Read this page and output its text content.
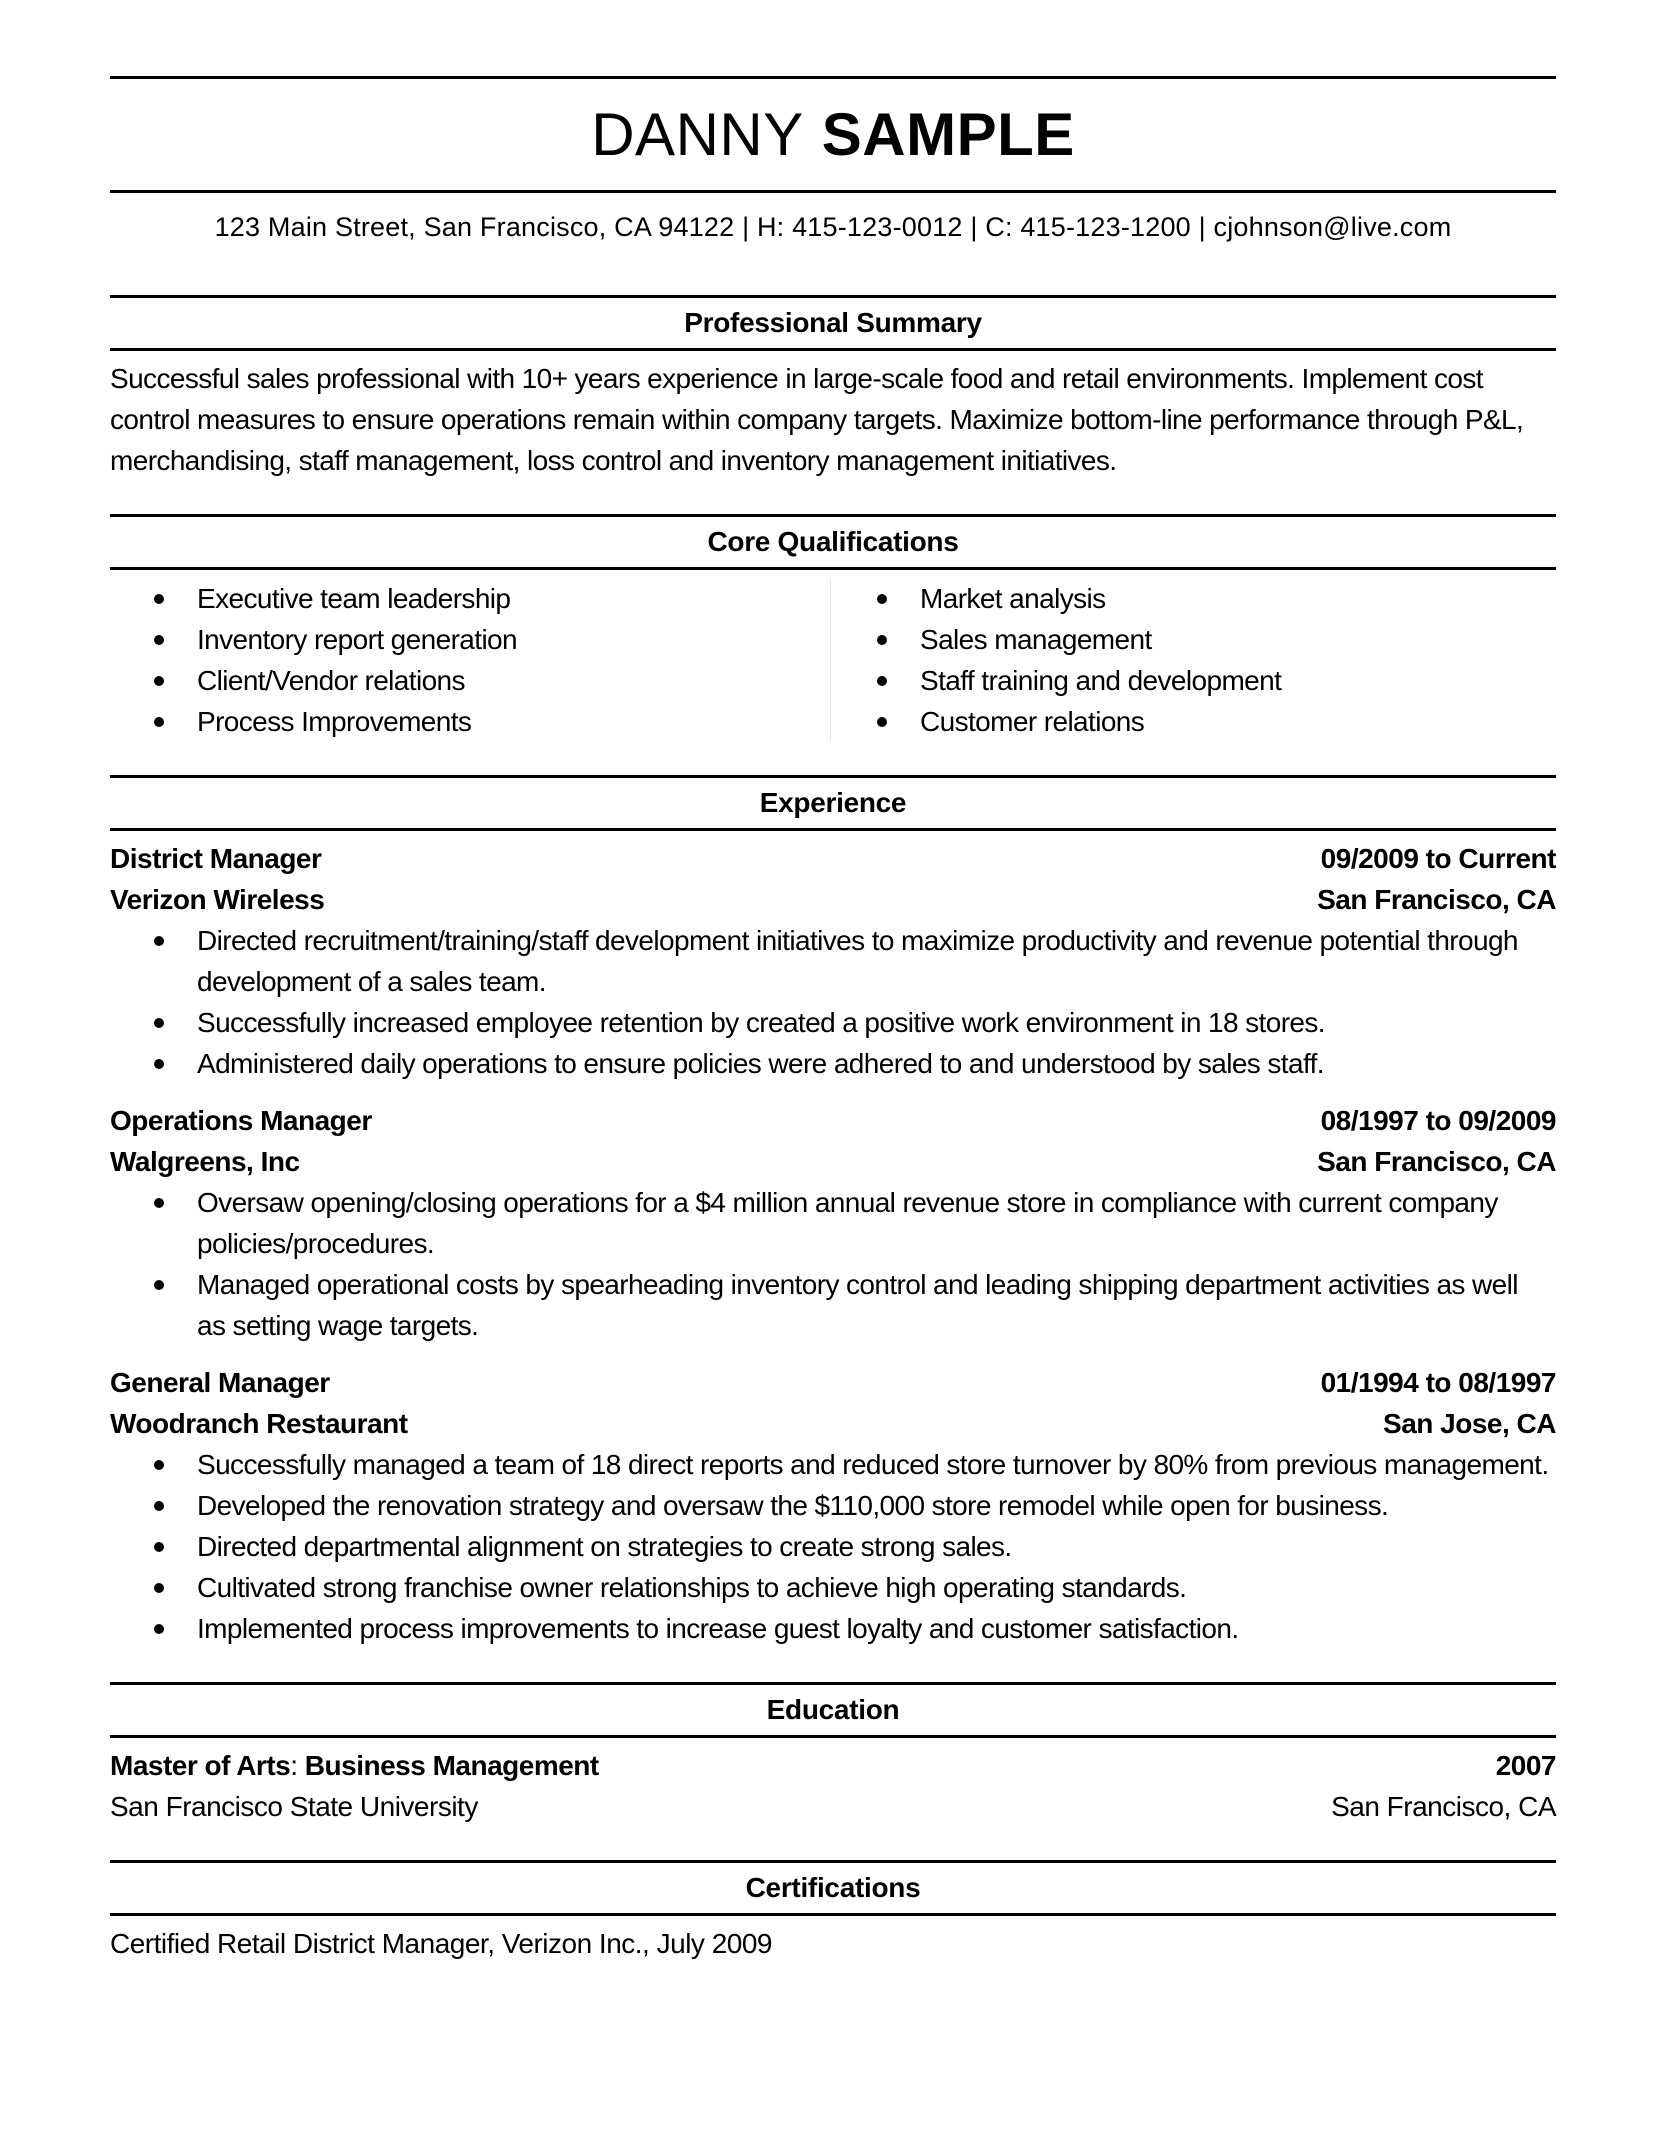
DANNY SAMPLE
123 Main Street, San Francisco, CA 94122 | H: 415-123-0012 | C: 415-123-1200 | cjohnson@live.com
Professional Summary
Successful sales professional with 10+ years experience in large-scale food and retail environments. Implement cost
control measures to ensure operations remain within company targets. Maximize bottom-line performance through P&L,
merchandising, staff management, loss control and inventory management initiatives.
Core Qualifications
Executive team leadership
Inventory report generation
Client/Vendor relations
Process Improvements
Market analysis
Sales management
Staff training and development
Customer relations
Experience
District Manager	09/2009 to Current
Verizon Wireless	San Francisco, CA
Directed recruitment/training/staff development initiatives to maximize productivity and revenue potential through
development of a sales team.
Successfully increased employee retention by created a positive work environment in 18 stores.
Administered daily operations to ensure policies were adhered to and understood by sales staff.
Operations Manager	08/1997 to 09/2009
Walgreens, Inc	San Francisco, CA
Oversaw opening/closing operations for a $4 million annual revenue store in compliance with current company
policies/procedures.
Managed operational costs by spearheading inventory control and leading shipping department activities as well
as setting wage targets.
General Manager	01/1994 to 08/1997
Woodranch Restaurant	San Jose, CA
Successfully managed a team of 18 direct reports and reduced store turnover by 80% from previous management.
Developed the renovation strategy and oversaw the $110,000 store remodel while open for business.
Directed departmental alignment on strategies to create strong sales.
Cultivated strong franchise owner relationships to achieve high operating standards.
Implemented process improvements to increase guest loyalty and customer satisfaction.
Education
Master of Arts: Business Management	2007
San Francisco State University	San Francisco, CA
Certifications
Certified Retail District Manager, Verizon Inc., July 2009
